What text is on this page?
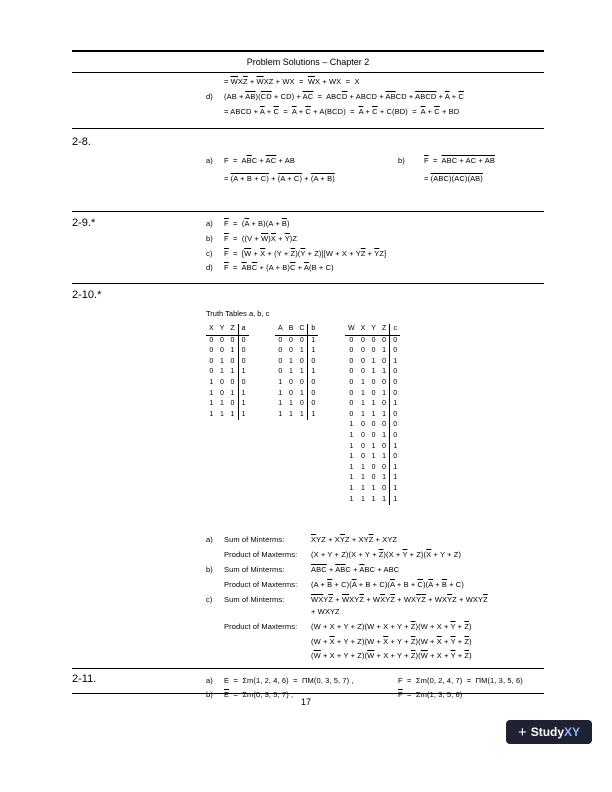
Problem Solutions – Chapter 2
= $\overline{W}X\overline{Z} + \overline{W}XZ$ + WX  =  $\overline{W}X$ + WX  =  X
d) $(AB + \overline{A}\overline{B})(\overline{C}\overline{D} + CD) + \overline{AC} = ABC\overline{D}$ + ABCD + $\overline{A}\overline{B}CD + \overline{A}\overline{B}\overline{C}\overline{D} + \overline{A} + \overline{C}$
= ABCD + $\overline{A} + \overline{C} = \overline{A} + \overline{C} + A(BCD) = \overline{A} + \overline{C} + C(BD) = \overline{A} + \overline{C}$ + BD
2-8.
a) $F = A\overline{B}C + \overline{A}\overline{C}$ + AB
= (A + B + C) + (A + C) + (A + B)
b)	$\overline{F}$  =  ABC + AC + AB
= (ABC)(AC)(AB)
2-9.*	a) $\overline{F} = (\overline{A} + B)(A + \overline{B})$
b) $\overline{F} = ((V + \overline{W})\overline{X} + \overline{Y})Z$
c) $\overline{F} = [\overline{W} + \overline{X} + (Y + \overline{Z})(\overline{Y} + Z)][W + X + Y\overline{Z} + \overline{Y}Z]$
d) $\overline{F} = \overline{A}B\overline{C} + (A + B)\overline{C} + \overline{A}(B + C)$
2-10.*
Truth Tables a, b, c
X	Y	Z	a
0	0	0	0
0	0	1	0
0	1	0	0
0	1	1	1
1	0	0	0
1	0	1	1
1	1	0	1
1	1	1	1
A	B	C	b
0	0	0	1
0	0	1	1
0	1	0	0
0	1	1	1
1	0	0	0
1	0	1	0
1	1	0	0
1	1	1	1
W	X	Y	Z	c
0	0	0	0	0
0	0	0	1	0
0	0	1	0	1
0	0	1	1	0
0	1	0	0	0
0	1	0	1	0
0	1	1	0	1
0	1	1	1	0
1	0	0	0	0
1	0	0	1	0
1	0	1	0	1
1	0	1	1	0
1	1	0	0	1
1	1	0	1	1
1	1	1	0	1
1	1	1	1	1
a) Sum of Minterms:	$\overline{X}YZ + X\overline{Y}Z + XY\overline{Z}$ + XYZ
Product of Maxterms: $(X + Y + Z)(X + Y + \overline{Z})(X + \overline{Y} + Z)(\overline{X} + Y + Z)$
b) Sum of Minterms:	$\overline{A}\overline{B}\overline{C} + \overline{A}\overline{B}C + \overline{A}BC$ + ABC
Product of Maxterms: $(A + \overline{B} + C)(\overline{A} + B + C)(\overline{A} + B + \overline{C})(\overline{A} + \overline{B} + C)$
c) Sum of Minterms:	$\overline{W}\overline{X}Y\overline{Z} + \overline{W}XY\overline{Z} + W\overline{X}Y\overline{Z} + WX\overline{Y}\overline{Z} + WX\overline{Y}Z + WXY\overline{Z}$
+ WXYZ
Product of Maxterms: $(W + X + Y + Z)(W + X + Y + \overline{Z})(W + X + \overline{Y} + \overline{Z})$
$(W + \overline{X} + Y + Z)(W + \overline{X} + Y + \overline{Z})(W + \overline{X} + \overline{Y} + \overline{Z})$
$(\overline{W} + X + Y + Z)(\overline{W} + X + Y + \overline{Z})(\overline{W} + X + \overline{Y} + \overline{Z})$
2-11.	a) E  =  Σm(1, 2, 4, 6)  =  ΠM(0, 3, 5, 7) ,
b) $\overline{E} = \Sigma m(0$, 3, 5, 7) ,
F  =  Σm(0, 2, 4, 7)  =  ΠM(1, 3, 5, 6)
$\overline{F} = \Sigma m(1$, 3, 5, 6)
17
+ Study XY
